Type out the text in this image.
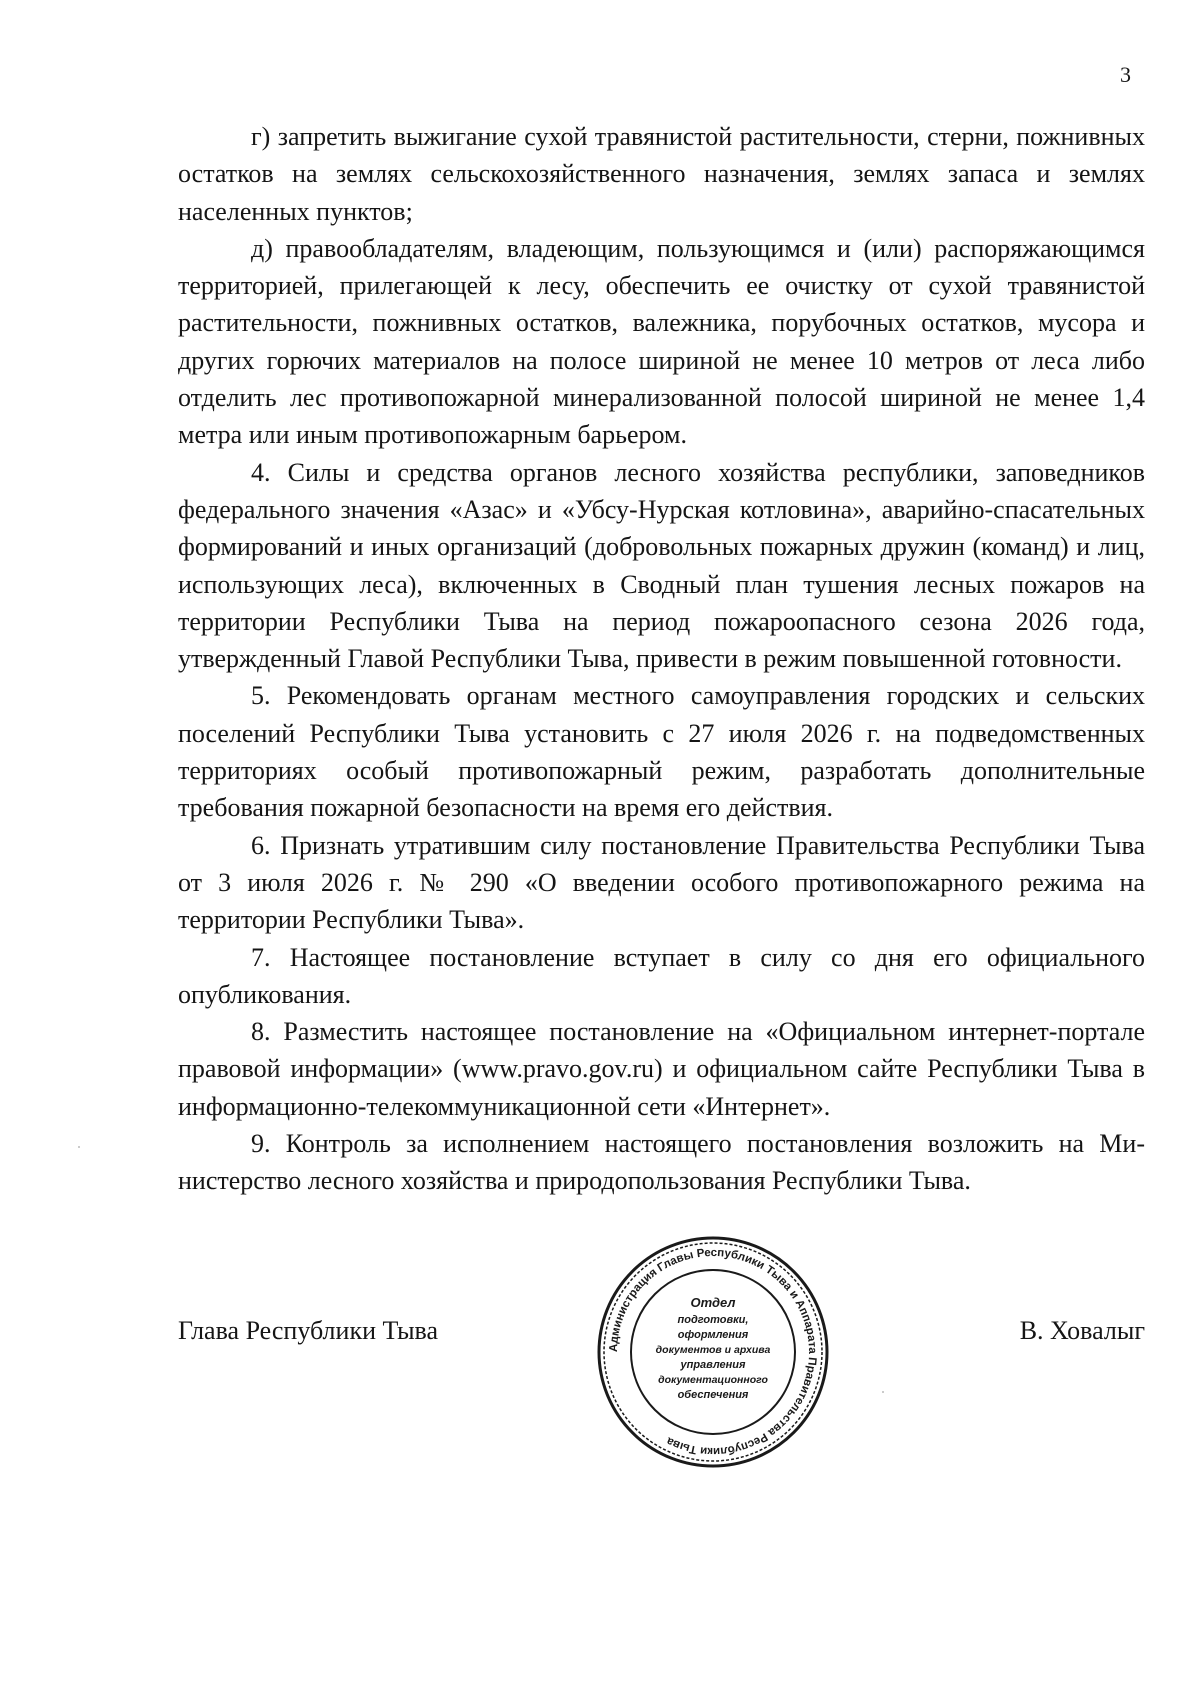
3

г) запретить выжигание сухой травянистой растительности, стерни, пожнивных остатков на землях сельскохозяйственного назначения, землях запаса и землях населенных пунктов;

д) правообладателям, владеющим, пользующимся и (или) распоряжающимся территорией, прилегающей к лесу, обеспечить ее очистку от сухой травянистой растительности, пожнивных остатков, валежника, порубочных остатков, мусора и других горючих материалов на полосе шириной не менее 10 метров от леса либо отделить лес противопожарной минерализованной полосой шириной не менее 1,4 метра или иным противопожарным барьером.

4. Силы и средства органов лесного хозяйства республики, заповедников федерального значения «Азас» и «Убсу-Нурская котловина», аварийно-спасательных формирований и иных организаций (добровольных пожарных дружин (команд) и лиц, использующих леса), включенных в Сводный план тушения лесных пожаров на территории Республики Тыва на период пожароопасного сезона 2026 года, утвержденный Главой Республики Тыва, привести в режим повышенной готовности.

5. Рекомендовать органам местного самоуправления городских и сельских поселений Республики Тыва установить с 27 июля 2026 г. на подведомственных территориях особый противопожарный режим, разработать дополнительные требования пожарной безопасности на время его действия.

6. Признать утратившим силу постановление Правительства Республики Тыва от 3 июля 2026 г. № 290 «О введении особого противопожарного режима на территории Республики Тыва».

7. Настоящее постановление вступает в силу со дня его официального опубликования.

8. Разместить настоящее постановление на «Официальном интернет-портале правовой информации» (www.pravo.gov.ru) и официальном сайте Республики Тыва в информационно-телекоммуникационной сети «Интернет».

9. Контроль за исполнением настоящего постановления возложить на Министерство лесного хозяйства и природопользования Республики Тыва.

Глава Республики Тыва	В. Ховалыг
Администрация Главы Республики Тыва и Аппарата Правительства Республики Тыва
Отдел
подготовки,
оформления
документов и архива
управления
документационного
обеспечения
